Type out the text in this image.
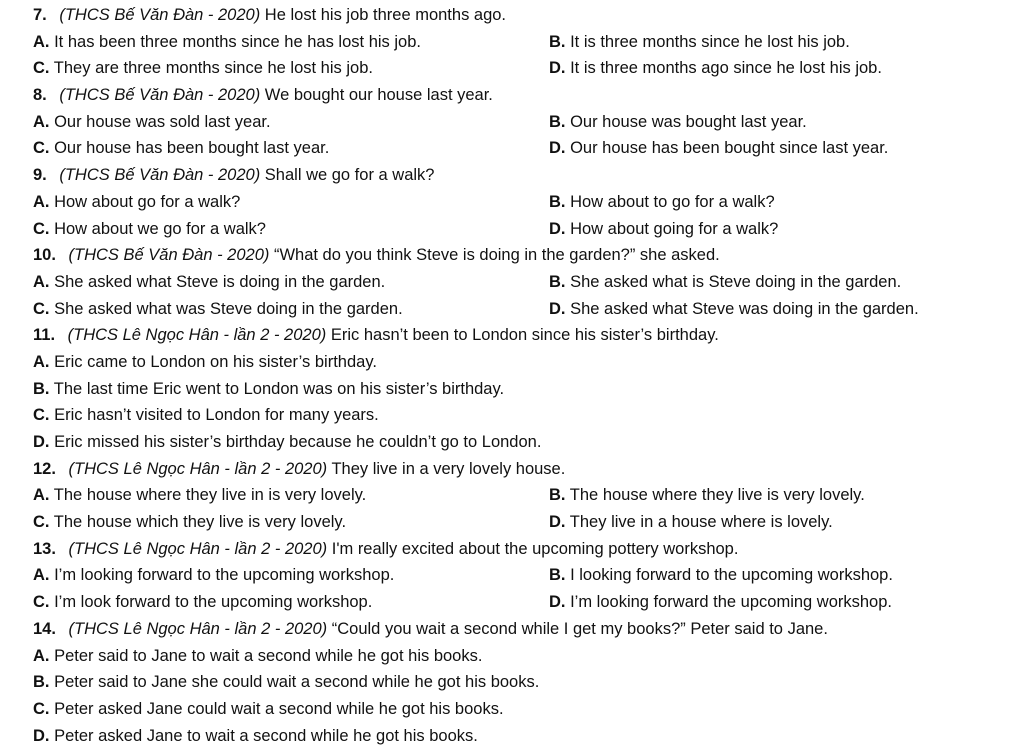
7. (THCS Bế Văn Đàn - 2020) He lost his job three months ago.
A. It has been three months since he has lost his job.	B. It is three months since he lost his job.
C. They are three months since he lost his job.	D. It is three months ago since he lost his job.
8. (THCS Bế Văn Đàn - 2020) We bought our house last year.
A. Our house was sold last year.	B. Our house was bought last year.
C. Our house has been bought last year.	D. Our house has been bought since last year.
9. (THCS Bế Văn Đàn - 2020) Shall we go for a walk?
A. How about go for a walk?	B. How about to go for a walk?
C. How about we go for a walk?	D. How about going for a walk?
10. (THCS Bế Văn Đàn - 2020) “What do you think Steve is doing in the garden?” she asked.
A. She asked what Steve is doing in the garden.	B. She asked what is Steve doing in the garden.
C. She asked what was Steve doing in the garden.	D. She asked what Steve was doing in the garden.
11. (THCS Lê Ngọc Hân - lần 2 - 2020) Eric hasn’t been to London since his sister’s birthday.
A. Eric came to London on his sister’s birthday.
B. The last time Eric went to London was on his sister’s birthday.
C. Eric hasn’t visited to London for many years.
D. Eric missed his sister’s birthday because he couldn’t go to London.
12. (THCS Lê Ngọc Hân - lần 2 - 2020) They live in a very lovely house.
A. The house where they live in is very lovely.	B. The house where they live is very lovely.
C. The house which they live is very lovely.	D. They live in a house where is lovely.
13. (THCS Lê Ngọc Hân - lần 2 - 2020) I'm really excited about the upcoming pottery workshop.
A. I’m looking forward to the upcoming workshop.	B. I looking forward to the upcoming workshop.
C. I’m look forward to the upcoming workshop.	D. I’m looking forward the upcoming workshop.
14. (THCS Lê Ngọc Hân - lần 2 - 2020) “Could you wait a second while I get my books?” Peter said to Jane.
A. Peter said to Jane to wait a second while he got his books.
B. Peter said to Jane she could wait a second while he got his books.
C. Peter asked Jane could wait a second while he got his books.
D. Peter asked Jane to wait a second while he got his books.
